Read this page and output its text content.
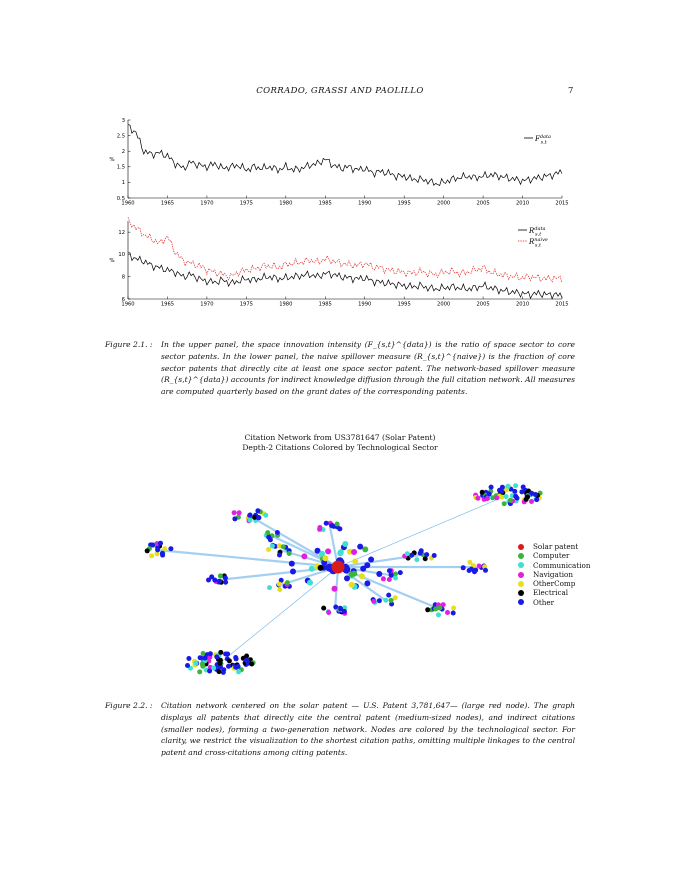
CORRADO, GRASSI AND PAOLILLO	7
1960	1965	1970	1975	1980	1985	1990	1995	2000	2005	2010	2015
0.5
1
1.5
2
2.5
3
%
$F^{data}$ s,t
1960	1965	1970	1975	1980	1985	1990	1995	2000	2005	2010	2015
6
8
10
12
%
$R^{data}$ s,t
$R^{naive}$ s,t
Figure 2.1. :	In the upper panel, the space innovation intensity (F_{s,t}^{data}) is the ratio of space sector to core sector patents. In the lower panel, the naive spillover measure (R_{s,t}^{naive}) is the fraction of core sector patents that directly cite at least one space sector patent. The network-based spillover measure (R_{s,t}^{data}) accounts for indirect knowledge diffusion through the full citation network. All measures are computed quarterly based on the grant dates of the corresponding patents.
Citation Network from US3781647 (Solar Patent)
Depth-2 Citations Colored by Technological Sector
Solar patent
Computer
Communication
Navigation
OtherComp
Electrical
Other
Figure 2.2. :	Citation network centered on the solar patent — U.S. Patent 3,781,647— (large red node). The graph displays all patents that directly cite the central patent (medium-sized nodes), and indirect citations (smaller nodes), forming a two-generation network. Nodes are colored by the technological sector. For clarity, we restrict the visualization to the shortest citation paths, omitting multiple linkages to the central patent and cross-citations among citing patents.
